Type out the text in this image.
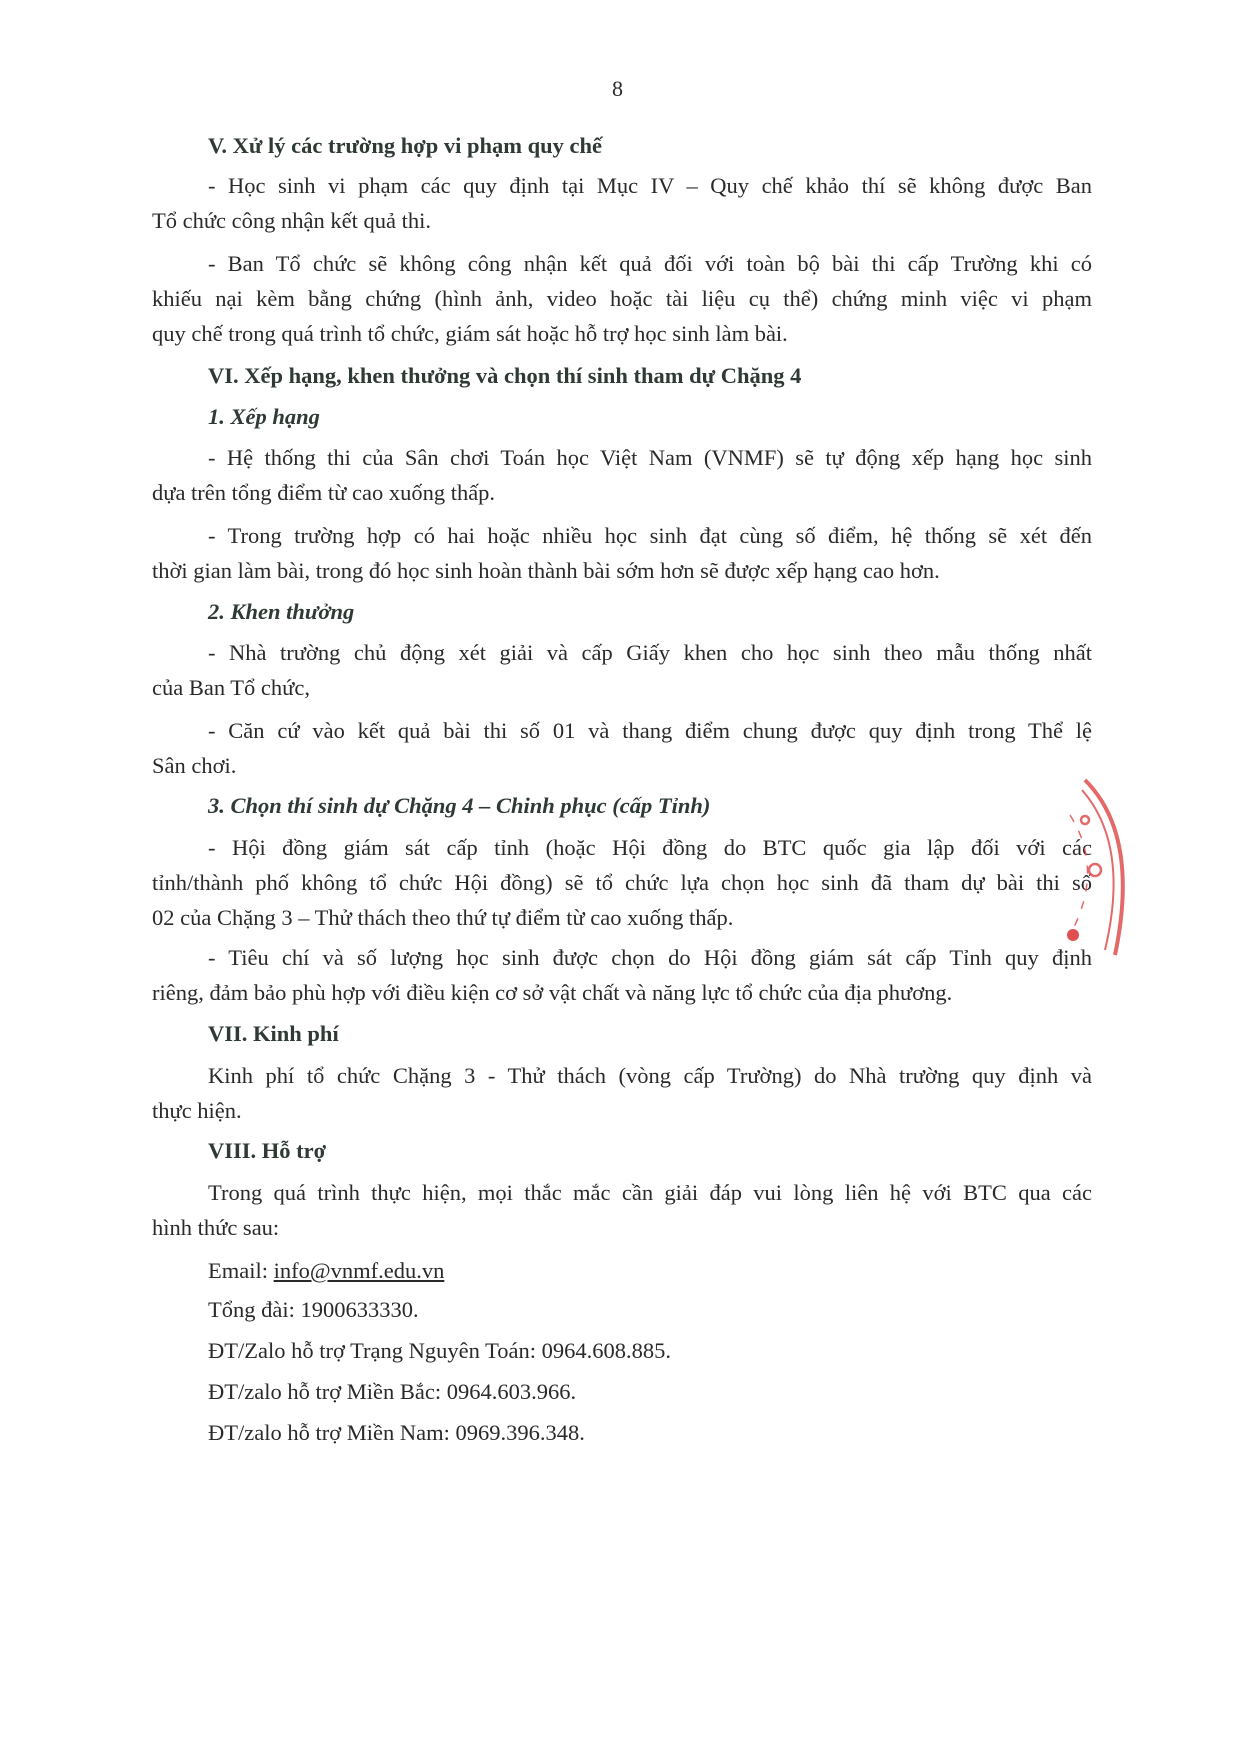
8
V. Xử lý các trường hợp vi phạm quy chế
- Học sinh vi phạm các quy định tại Mục IV – Quy chế khảo thí sẽ không được Ban
Tổ chức công nhận kết quả thi.
- Ban Tổ chức sẽ không công nhận kết quả đối với toàn bộ bài thi cấp Trường khi có
khiếu nại kèm bằng chứng (hình ảnh, video hoặc tài liệu cụ thể) chứng minh việc vi phạm
quy chế trong quá trình tổ chức, giám sát hoặc hỗ trợ học sinh làm bài.
VI. Xếp hạng, khen thưởng và chọn thí sinh tham dự Chặng 4
1. Xếp hạng
- Hệ thống thi của Sân chơi Toán học Việt Nam (VNMF) sẽ tự động xếp hạng học sinh
dựa trên tổng điểm từ cao xuống thấp.
- Trong trường hợp có hai hoặc nhiều học sinh đạt cùng số điểm, hệ thống sẽ xét đến
thời gian làm bài, trong đó học sinh hoàn thành bài sớm hơn sẽ được xếp hạng cao hơn.
2. Khen thưởng
- Nhà trường chủ động xét giải và cấp Giấy khen cho học sinh theo mẫu thống nhất
của Ban Tổ chức,
- Căn cứ vào kết quả bài thi số 01 và thang điểm chung được quy định trong Thể lệ
Sân chơi.
3. Chọn thí sinh dự Chặng 4 – Chinh phục (cấp Tỉnh)
- Hội đồng giám sát cấp tỉnh (hoặc Hội đồng do BTC quốc gia lập đối với các
tỉnh/thành phố không tổ chức Hội đồng) sẽ tổ chức lựa chọn học sinh đã tham dự bài thi số
02 của Chặng 3 – Thử thách theo thứ tự điểm từ cao xuống thấp.
- Tiêu chí và số lượng học sinh được chọn do Hội đồng giám sát cấp Tỉnh quy định
riêng, đảm bảo phù hợp với điều kiện cơ sở vật chất và năng lực tổ chức của địa phương.
VII. Kinh phí
Kinh phí tổ chức Chặng 3 - Thử thách (vòng cấp Trường) do Nhà trường quy định và
thực hiện.
VIII. Hỗ trợ
Trong quá trình thực hiện, mọi thắc mắc cần giải đáp vui lòng liên hệ với BTC qua các
hình thức sau:
Tổng đài: 1900633330.
ĐT/Zalo hỗ trợ Trạng Nguyên Toán: 0964.608.885.
ĐT/zalo hỗ trợ Miền Bắc: 0964.603.966.
ĐT/zalo hỗ trợ Miền Nam: 0969.396.348.
Email: info@vnmf.edu.vn
